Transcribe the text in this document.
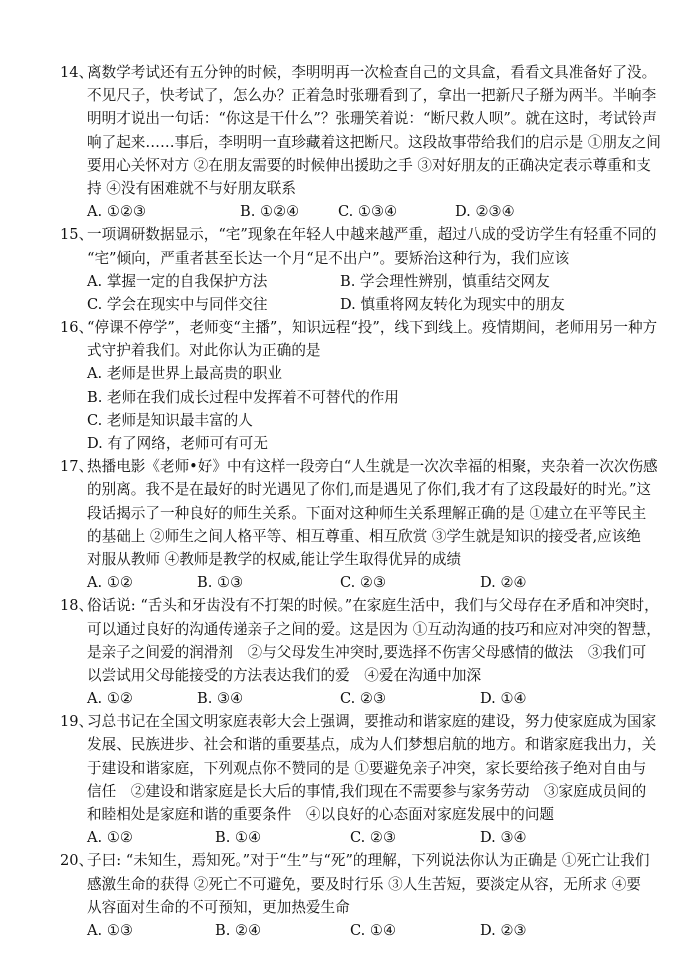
14、
离数学考试还有五分钟的时候，李明明再一次检查自己的文具盒，看看文具准备好了没。
不见尺子，快考试了，怎么办？正着急时张珊看到了，拿出一把新尺子掰为两半。半晌李
明明才说出一句话：“你这是干什么”？张珊笑着说：“断尺救人呗”。就在这时，考试铃声
响了起来……事后，李明明一直珍藏着这把断尺。这段故事带给我们的启示是 ①朋友之间
要用心关怀对方 ②在朋友需要的时候伸出援助之手 ③对好朋友的正确决定表示尊重和支
持 ④没有困难就不与好朋友联系
A. ①②③	B. ①②④	C. ①③④	D. ②③④
15、
一项调研数据显示，“宅”现象在年轻人中越来越严重，超过八成的受访学生有轻重不同的
“宅”倾向，严重者甚至长达一个月“足不出户”。要矫治这种行为，我们应该
A. 掌握一定的自我保护方法	B. 学会理性辨别，慎重结交网友
C. 学会在现实中与同伴交往	D. 慎重将网友转化为现实中的朋友
16、
“停课不停学”，老师变“主播”，知识远程“投”，线下到线上。疫情期间，老师用另一种方
式守护着我们。对此你认为正确的是
A. 老师是世界上最高贵的职业
B. 老师在我们成长过程中发挥着不可替代的作用
C. 老师是知识最丰富的人
D. 有了网络，老师可有可无
17、
热播电影《老师•好》中有这样一段旁白“人生就是一次次幸福的相聚，夹杂着一次次伤感
的别离。我不是在最好的时光遇见了你们,而是遇见了你们,我才有了这段最好的时光。”这
段话揭示了一种良好的师生关系。下面对这种师生关系理解正确的是 ①建立在平等民主
的基础上 ②师生之间人格平等、相互尊重、相互欣赏 ③学生就是知识的接受者,应该绝
对服从教师 ④教师是教学的权威,能让学生取得优异的成绩
A. ①②	B. ①③	C. ②③	D. ②④
18、
俗话说: “舌头和牙齿没有不打架的时候。”在家庭生活中，我们与父母存在矛盾和冲突时，
可以通过良好的沟通传递亲子之间的爱。这是因为 ①互动沟通的技巧和应对冲突的智慧，
是亲子之间爱的润滑剂　②与父母发生冲突时,要选择不伤害父母感情的做法　③我们可
以尝试用父母能接受的方法表达我们的爱　④爱在沟通中加深
A. ①②	B. ③④	C. ②③	D. ①④
19、
习总书记在全国文明家庭表彰大会上强调，要推动和谐家庭的建设，努力使家庭成为国家
发展、民族进步、社会和谐的重要基点，成为人们梦想启航的地方。和谐家庭我出力，关
于建设和谐家庭，下列观点你不赞同的是 ①要避免亲子冲突，家长要给孩子绝对自由与
信任　②建设和谐家庭是长大后的事情,我们现在不需要参与家务劳动　③家庭成员间的
和睦相处是家庭和谐的重要条件　④以良好的心态面对家庭发展中的问题
A. ①②	B. ①④	C. ②③	D. ③④
20、
子曰: “未知生，焉知死。”对于“生”与“死”的理解，下列说法你认为正确是 ①死亡让我们
感激生命的获得 ②死亡不可避免，要及时行乐 ③人生苦短，要淡定从容，无所求 ④要
从容面对生命的不可预知，更加热爱生命
A. ①③	B. ②④	C. ①④	D. ②③
